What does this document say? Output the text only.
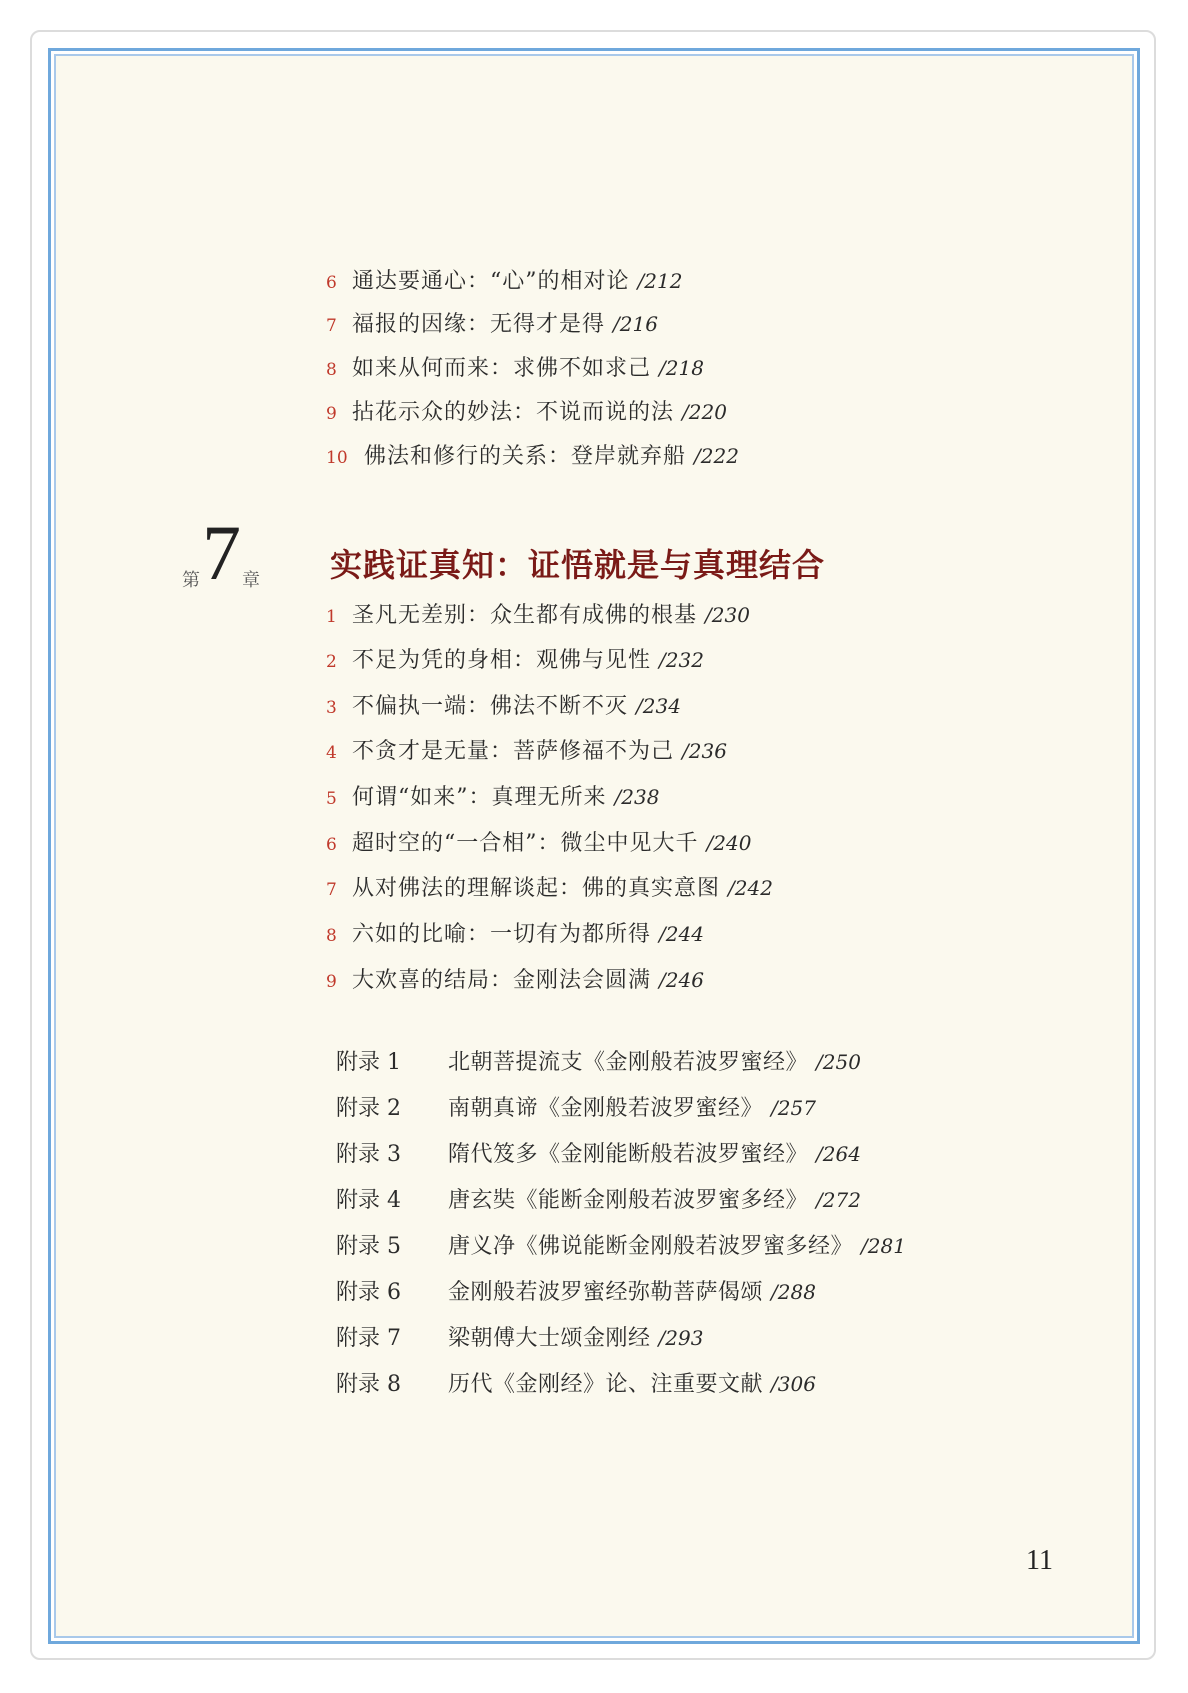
6 通达要通心：“心”的相对论 /212
7 福报的因缘：无得才是得 /216
8 如来从何而来：求佛不如求己 /218
9 拈花示众的妙法：不说而说的法 /220
10 佛法和修行的关系：登岸就弃船 /222
第 7 章 实践证真知：证悟就是与真理结合
1 圣凡无差别：众生都有成佛的根基 /230
2 不足为凭的身相：观佛与见性 /232
3 不偏执一端：佛法不断不灭 /234
4 不贪才是无量：菩萨修福不为己 /236
5 何谓“如来”：真理无所来 /238
6 超时空的“一合相”：微尘中见大千 /240
7 从对佛法的理解谈起：佛的真实意图 /242
8 六如的比喻：一切有为都所得 /244
9 大欢喜的结局：金刚法会圆满 /246
附录 1	北朝菩提流支《金刚般若波罗蜜经》 /250
附录 2	南朝真谛《金刚般若波罗蜜经》 /257
附录 3	隋代笈多《金刚能断般若波罗蜜经》 /264
附录 4	唐玄奘《能断金刚般若波罗蜜多经》 /272
附录 5	唐义净《佛说能断金刚般若波罗蜜多经》 /281
附录 6	金刚般若波罗蜜经弥勒菩萨偈颂 /288
附录 7	梁朝傅大士颂金刚经 /293
附录 8	历代《金刚经》论、注重要文献 /306
11
